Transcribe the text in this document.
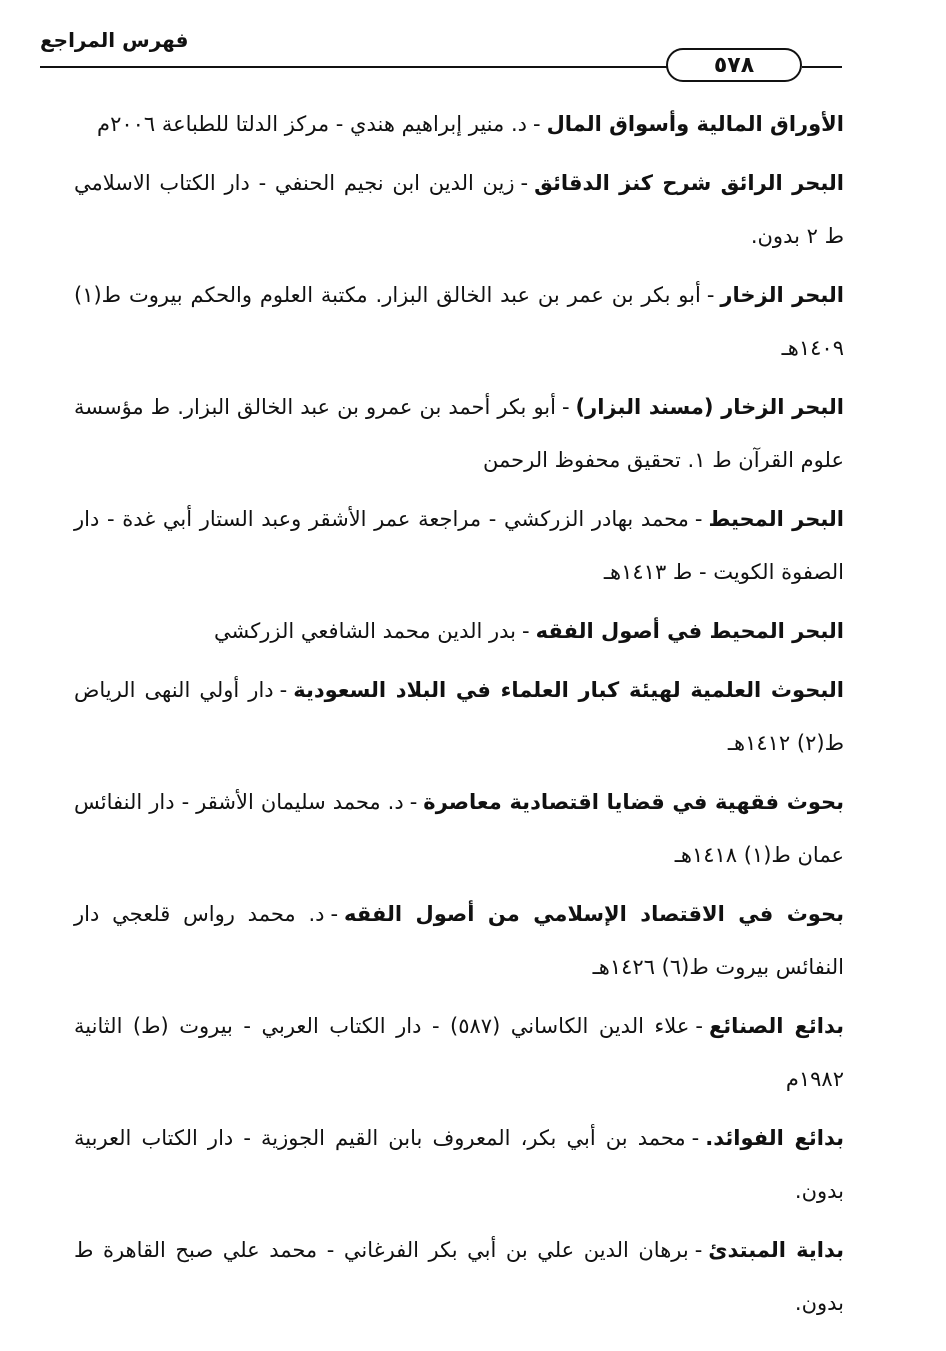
فهرس المراجع
٥٧٨

الأوراق المالية وأسواق المال-د. منير إبراهيم هندي - مركز الدلتا للطباعة ٢٠٠٦م

البحر الرائق شرح كنز الدقائق-زين الدين ابن نجيم الحنفي - دار الكتاب الاسلامي ط ٢ بدون.

البحر الزخار-أبو بكر بن عمر بن عبد الخالق البزار. مكتبة العلوم والحكم بيروت ط(١) ١٤٠٩هـ

البحر الزخار (مسند البزار)-أبو بكر أحمد بن عمرو بن عبد الخالق البزار. ط مؤسسة علوم القرآن ط ١. تحقيق محفوظ الرحمن

البحر المحيط-محمد بهادر الزركشي - مراجعة عمر الأشقر وعبد الستار أبي غدة - دار الصفوة الكويت - ط ١٤١٣هـ

البحر المحيط في أصول الفقه-بدر الدين محمد الشافعي الزركشي

البحوث العلمية لهيئة كبار العلماء في البلاد السعودية-دار أولي النهى الرياض ط(٢) ١٤١٢هـ

بحوث فقهية في قضايا اقتصادية معاصرة-د. محمد سليمان الأشقر - دار النفائس عمان ط(١) ١٤١٨هـ

بحوث في الاقتصاد الإسلامي من أصول الفقه-د. محمد رواس قلعجي دار النفائس بيروت ط(٦) ١٤٢٦هـ

بدائع الصنائع-علاء الدين الكاساني (٥٨٧) - دار الكتاب العربي - بيروت (ط) الثانية ١٩٨٢م

بدائع الفوائد.-محمد بن أبي بكر، المعروف بابن القيم الجوزية - دار الكتاب العربية بدون.

بداية المبتدئ-برهان الدين علي بن أبي بكر الفرغاني - محمد علي صبح القاهرة ط بدون.
